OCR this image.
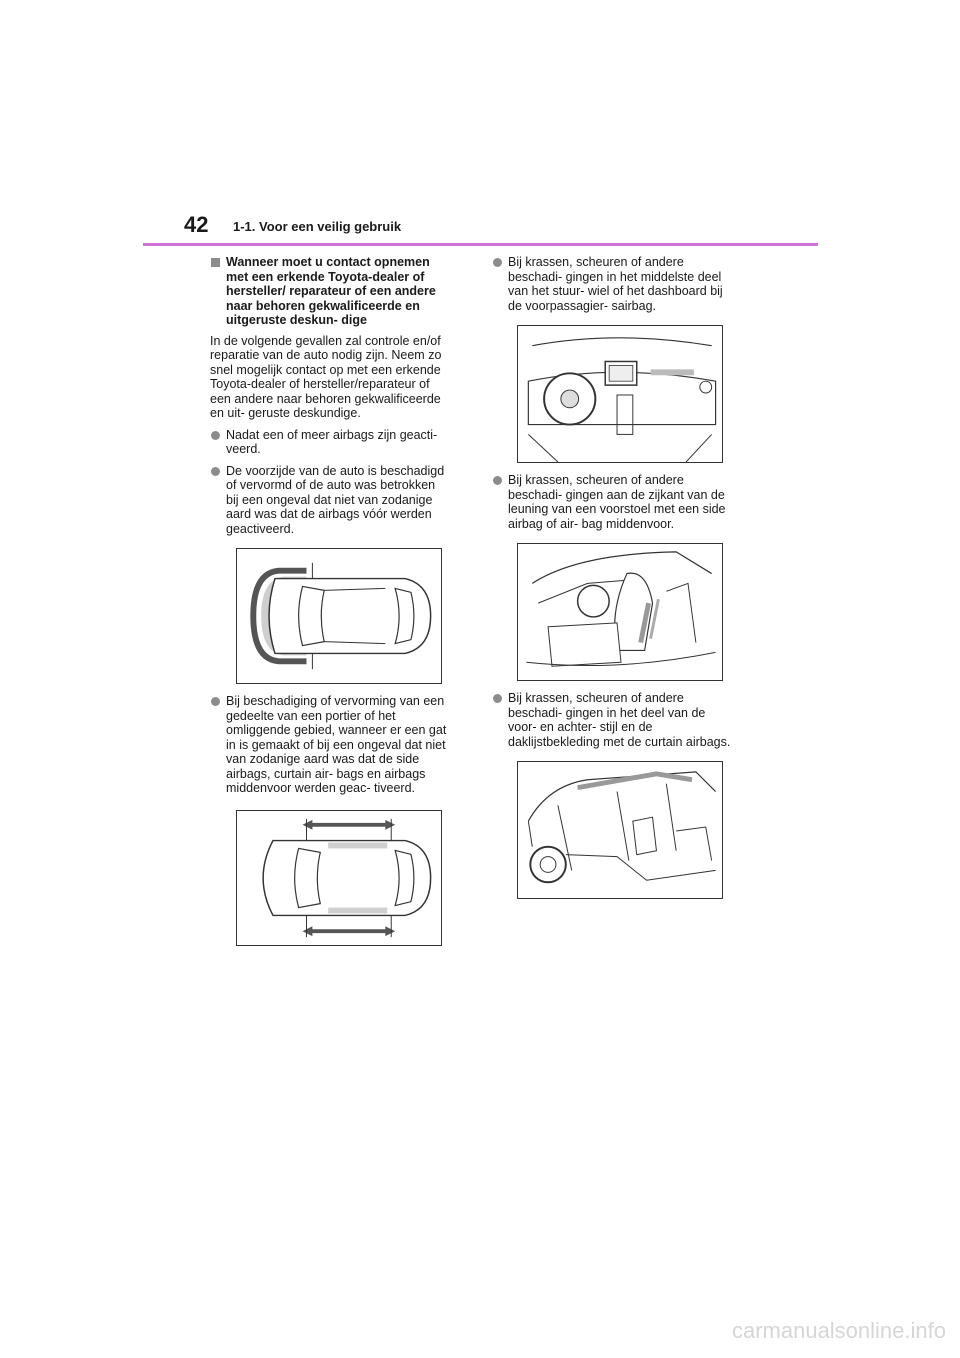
42 1-1. Voor een veilig gebruik
Wanneer moet u contact opnemen met een erkende Toyota-dealer of hersteller/ reparateur of een andere naar behoren gekwalificeerde en uitgeruste deskun- dige

In de volgende gevallen zal controle en/of reparatie van de auto nodig zijn. Neem zo snel mogelijk contact op met een erkende Toyota-dealer of hersteller/reparateur of een andere naar behoren gekwalificeerde en uit- geruste deskundige.

Nadat een of meer airbags zijn geacti- veerd.
De voorzijde van de auto is beschadigd of vervormd of de auto was betrokken bij een ongeval dat niet van zodanige aard was dat de airbags vóór werden geactiveerd.
Bij beschadiging of vervorming van een gedeelte van een portier of het omliggende gebied, wanneer er een gat in is gemaakt of bij een ongeval dat niet van zodanige aard was dat de side airbags, curtain air- bags en airbags middenvoor werden geac- tiveerd.
Bij krassen, scheuren of andere beschadi- gingen in het middelste deel van het stuur- wiel of het dashboard bij de voorpassagier- sairbag.
Bij krassen, scheuren of andere beschadi- gingen aan de zijkant van de leuning van een voorstoel met een side airbag of air- bag middenvoor.
Bij krassen, scheuren of andere beschadi- gingen in het deel van de voor- en achter- stijl en de daklijstbekleding met de curtain airbags.
carmanualsonline.info
